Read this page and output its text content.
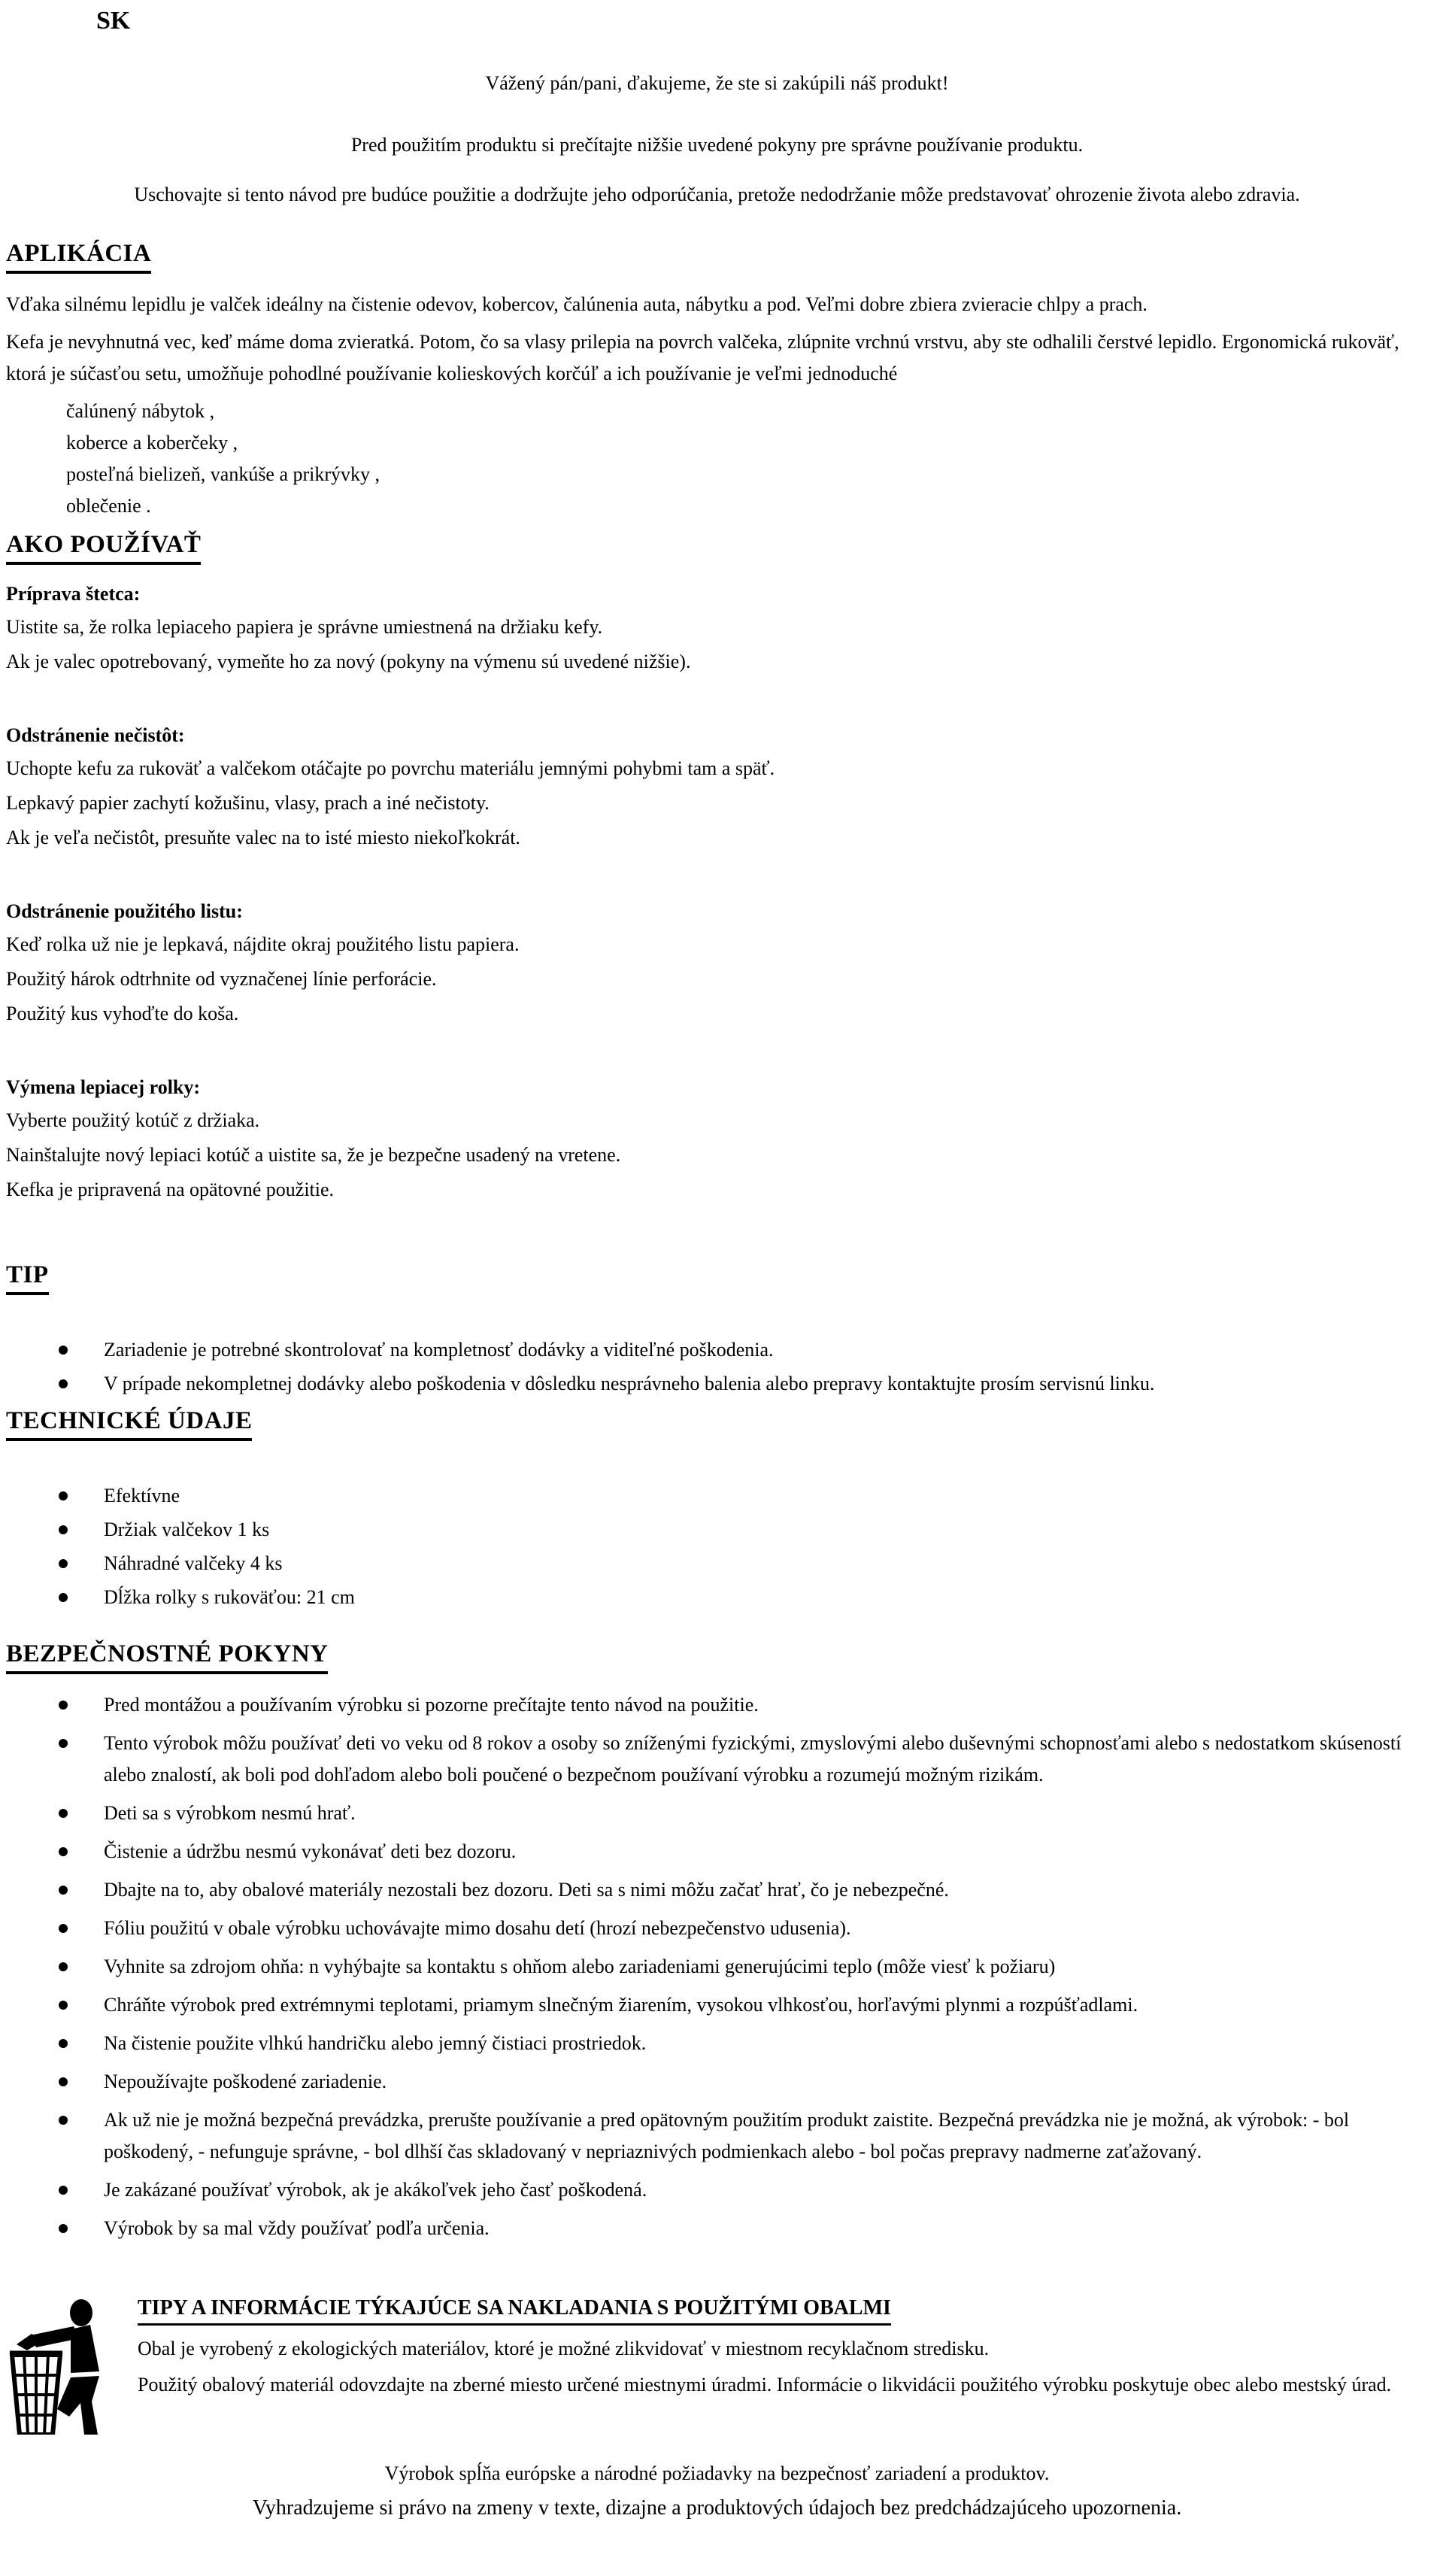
SK

Vážený pán/pani, ďakujeme, že ste si zakúpili náš produkt!

Pred použitím produktu si prečítajte nižšie uvedené pokyny pre správne používanie produktu.

Uschovajte si tento návod pre budúce použitie a dodržujte jeho odporúčania, pretože nedodržanie môže predstavovať ohrozenie života alebo zdravia.

APLIKÁCIA

Vďaka silnému lepidlu je valček ideálny na čistenie odevov, kobercov, čalúnenia auta, nábytku a pod. Veľmi dobre zbiera zvieracie chlpy a prach.

Kefa je nevyhnutná vec, keď máme doma zvieratká. Potom, čo sa vlasy prilepia na povrch valčeka, zlúpnite vrchnú vrstvu, aby ste odhalili čerstvé lepidlo. Ergonomická rukoväť, ktorá je súčasťou setu, umožňuje pohodlné používanie kolieskových korčúľ a ich používanie je veľmi jednoduché

čalúnený nábytok ,

koberce a koberčeky ,

posteľná bielizeň, vankúše a prikrývky ,

oblečenie .

AKO POUŽÍVAŤ

Príprava štetca:

Uistite sa, že rolka lepiaceho papiera je správne umiestnená na držiaku kefy.

Ak je valec opotrebovaný, vymeňte ho za nový (pokyny na výmenu sú uvedené nižšie).

Odstránenie nečistôt:

Uchopte kefu za rukoväť a valčekom otáčajte po povrchu materiálu jemnými pohybmi tam a späť.

Lepkavý papier zachytí kožušinu, vlasy, prach a iné nečistoty.

Ak je veľa nečistôt, presuňte valec na to isté miesto niekoľkokrát.

Odstránenie použitého listu:

Keď rolka už nie je lepkavá, nájdite okraj použitého listu papiera.

Použitý hárok odtrhnite od vyznačenej línie perforácie.

Použitý kus vyhoďte do koša.

Výmena lepiacej rolky:

Vyberte použitý kotúč z držiaka.

Nainštalujte nový lepiaci kotúč a uistite sa, že je bezpečne usadený na vretene.

Kefka je pripravená na opätovné použitie.

TIP
Zariadenie je potrebné skontrolovať na kompletnosť dodávky a viditeľné poškodenia.
V prípade nekompletnej dodávky alebo poškodenia v dôsledku nesprávneho balenia alebo prepravy kontaktujte prosím servisnú linku.
TECHNICKÉ ÚDAJE
Efektívne
Držiak valčekov 1 ks
Náhradné valčeky 4 ks
Dĺžka rolky s rukoväťou: 21 cm
BEZPEČNOSTNÉ POKYNY
Pred montážou a používaním výrobku si pozorne prečítajte tento návod na použitie.
Tento výrobok môžu používať deti vo veku od 8 rokov a osoby so zníženými fyzickými, zmyslovými alebo duševnými schopnosťami alebo s nedostatkom skúseností alebo znalostí, ak boli pod dohľadom alebo boli poučené o bezpečnom používaní výrobku a rozumejú možným rizikám.
Deti sa s výrobkom nesmú hrať.
Čistenie a údržbu nesmú vykonávať deti bez dozoru.
Dbajte na to, aby obalové materiály nezostali bez dozoru. Deti sa s nimi môžu začať hrať, čo je nebezpečné.
Fóliu použitú v obale výrobku uchovávajte mimo dosahu detí (hrozí nebezpečenstvo udusenia).
Vyhnite sa zdrojom ohňa: n vyhýbajte sa kontaktu s ohňom alebo zariadeniami generujúcimi teplo (môže viesť k požiaru)
Chráňte výrobok pred extrémnymi teplotami, priamym slnečným žiarením, vysokou vlhkosťou, horľavými plynmi a rozpúšťadlami.
Na čistenie použite vlhkú handričku alebo jemný čistiaci prostriedok.
Nepoužívajte poškodené zariadenie.
Ak už nie je možná bezpečná prevádzka, prerušte používanie a pred opätovným použitím produkt zaistite. Bezpečná prevádzka nie je možná, ak výrobok: - bol poškodený, - nefunguje správne, - bol dlhší čas skladovaný v nepriaznivých podmienkach alebo - bol počas prepravy nadmerne zaťažovaný.
Je zakázané používať výrobok, ak je akákoľvek jeho časť poškodená.
Výrobok by sa mal vždy používať podľa určenia.
TIPY A INFORMÁCIE TÝKAJÚCE SA NAKLADANIA S POUŽITÝMI OBALMI

Obal je vyrobený z ekologických materiálov, ktoré je možné zlikvidovať v miestnom recyklačnom stredisku.

Použitý obalový materiál odovzdajte na zberné miesto určené miestnymi úradmi. Informácie o likvidácii použitého výrobku poskytuje obec alebo mestský úrad.

Výrobok spĺňa európske a národné požiadavky na bezpečnosť zariadení a produktov.

Vyhradzujeme si právo na zmeny v texte, dizajne a produktových údajoch bez predchádzajúceho upozornenia.
